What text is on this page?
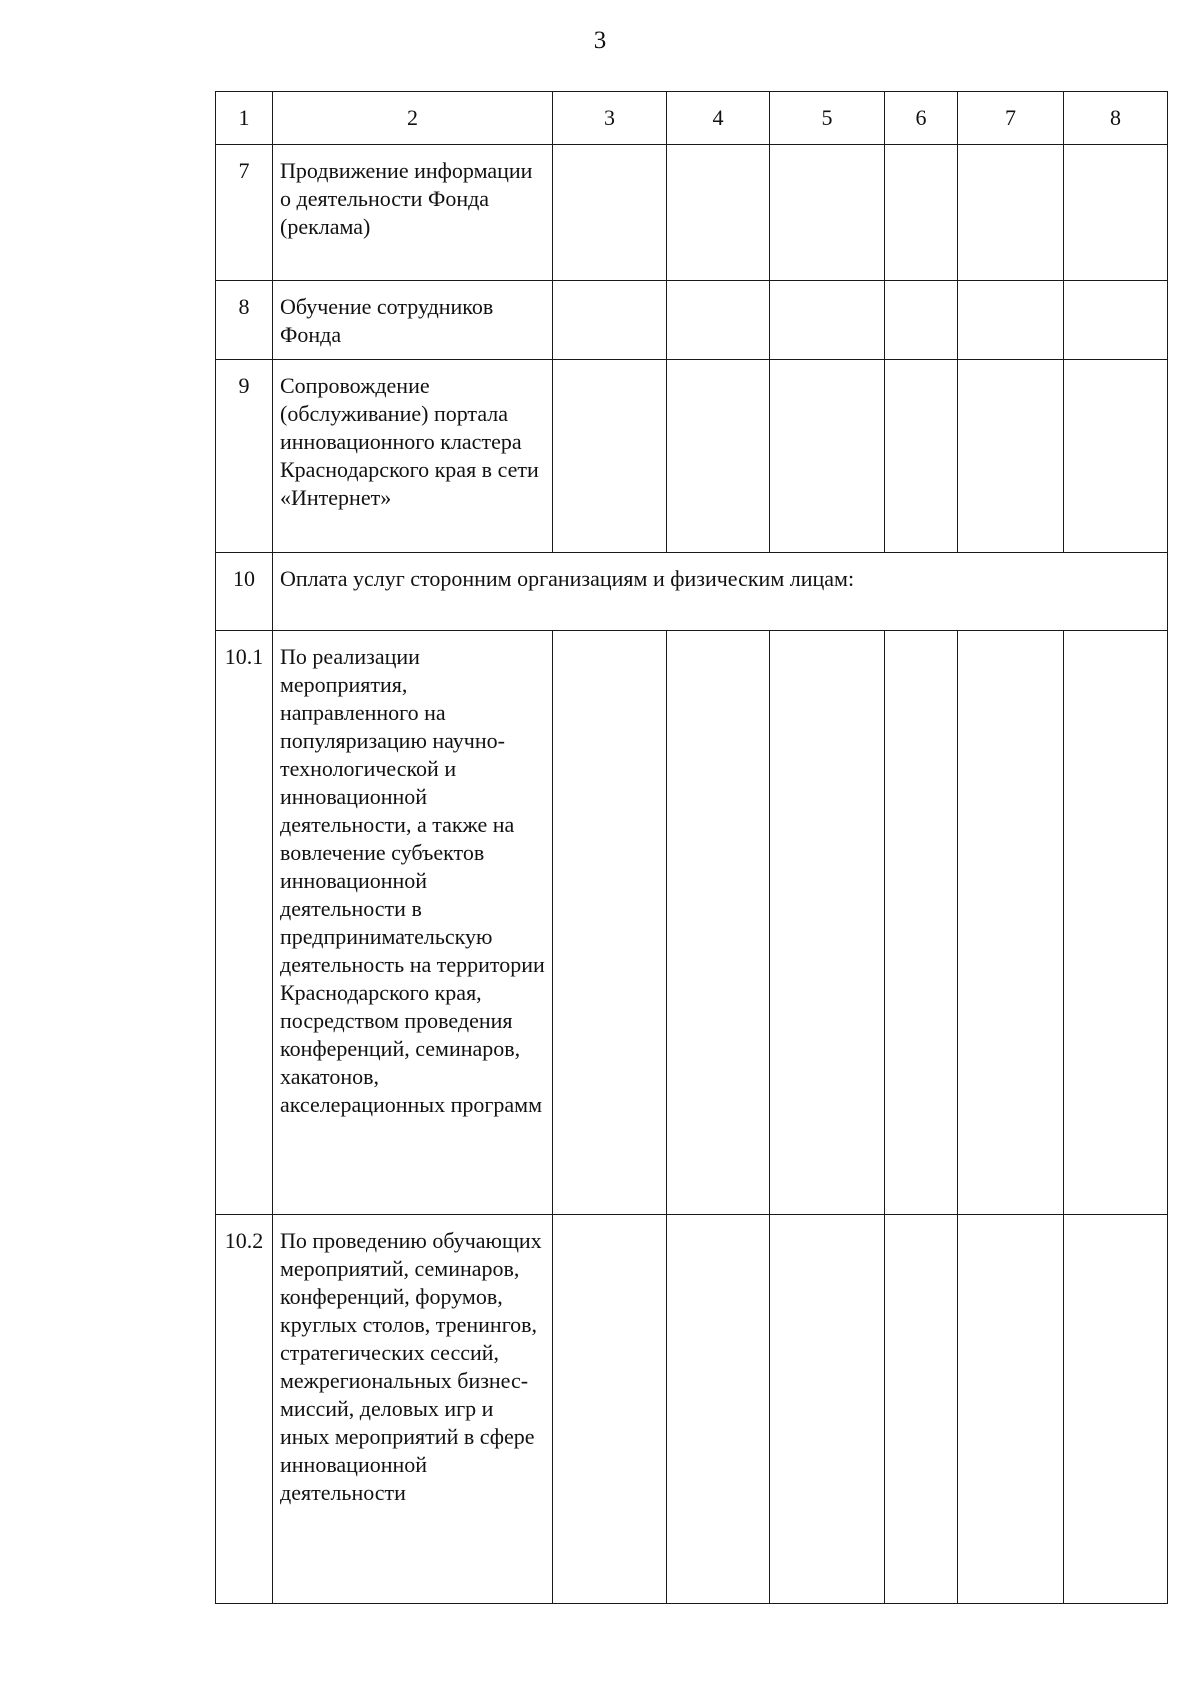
3
1	2	3	4	5	6	7	8
7	Продвижение информации о деятельности Фонда (реклама)						
8	Обучение сотрудников Фонда						
9	Сопровождение (обслуживание) портала инновационного кластера Краснодарского края в сети «Интернет»						
10	Оплата услуг сторонним организациям и физическим лицам:						
10.1	По реализации мероприятия, направленного на популяризацию научно-технологической и инновационной деятельности, а также на вовлечение субъектов инновационной деятельности в предпринимательскую деятельность на территории Краснодарского края, посредством проведения конференций, семинаров, хакатонов, акселерационных программ						
10.2	По проведению обучающих мероприятий, семинаров, конференций, форумов, круглых столов, тренингов, стратегических сессий, межрегиональных бизнес-миссий, деловых игр и иных мероприятий в сфере инновационной деятельности						
